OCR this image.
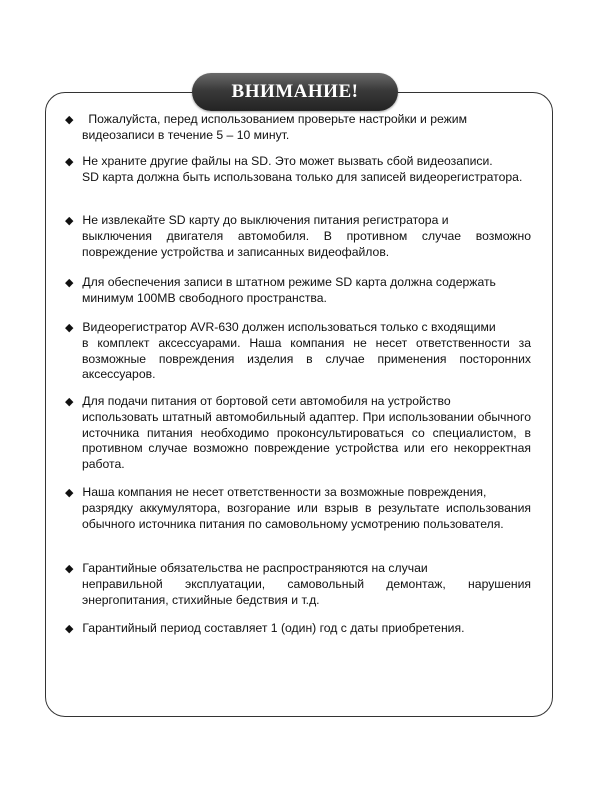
ВНИМАНИЕ!
◆ Пожалуйста, перед использованием проверьте настройки и режим
видеозаписи в течение 5 – 10 минут.
◆ Не храните другие файлы на SD. Это может вызвать сбой видеозаписи.

SD карта должна быть использована только для записей видеорегистратора.
◆ Не извлекайте SD карту до выключения питания регистратора и

выключения двигателя автомобиля. В противном случае возможно повреждение устройства и записанных видеофайлов.
◆ Для обеспечения записи в штатном режиме SD карта должна содержать

минимум 100MB свободного пространства.
◆ Видеорегистратор AVR-630 должен использоваться только с входящими

в комплект аксессуарами. Наша компания не несет ответственности за возможные повреждения изделия в случае применения посторонних аксессуаров.
◆ Для подачи питания от бортовой сети автомобиля на устройство

использовать штатный автомобильный адаптер. При использовании обычного источника питания необходимо проконсультироваться со специалистом, в противном случае возможно повреждение устройства или его некорректная работа.
◆ Наша компания не несет ответственности за возможные повреждения,

разрядку аккумулятора, возгорание или взрыв в результате использования обычного источника питания по самовольному усмотрению пользователя.
◆ Гарантийные обязательства не распространяются на случаи

неправильной эксплуатации, самовольный демонтаж, нарушения энергопитания, стихийные бедствия и т.д.
◆ Гарантийный период составляет 1 (один) год с даты приобретения.
